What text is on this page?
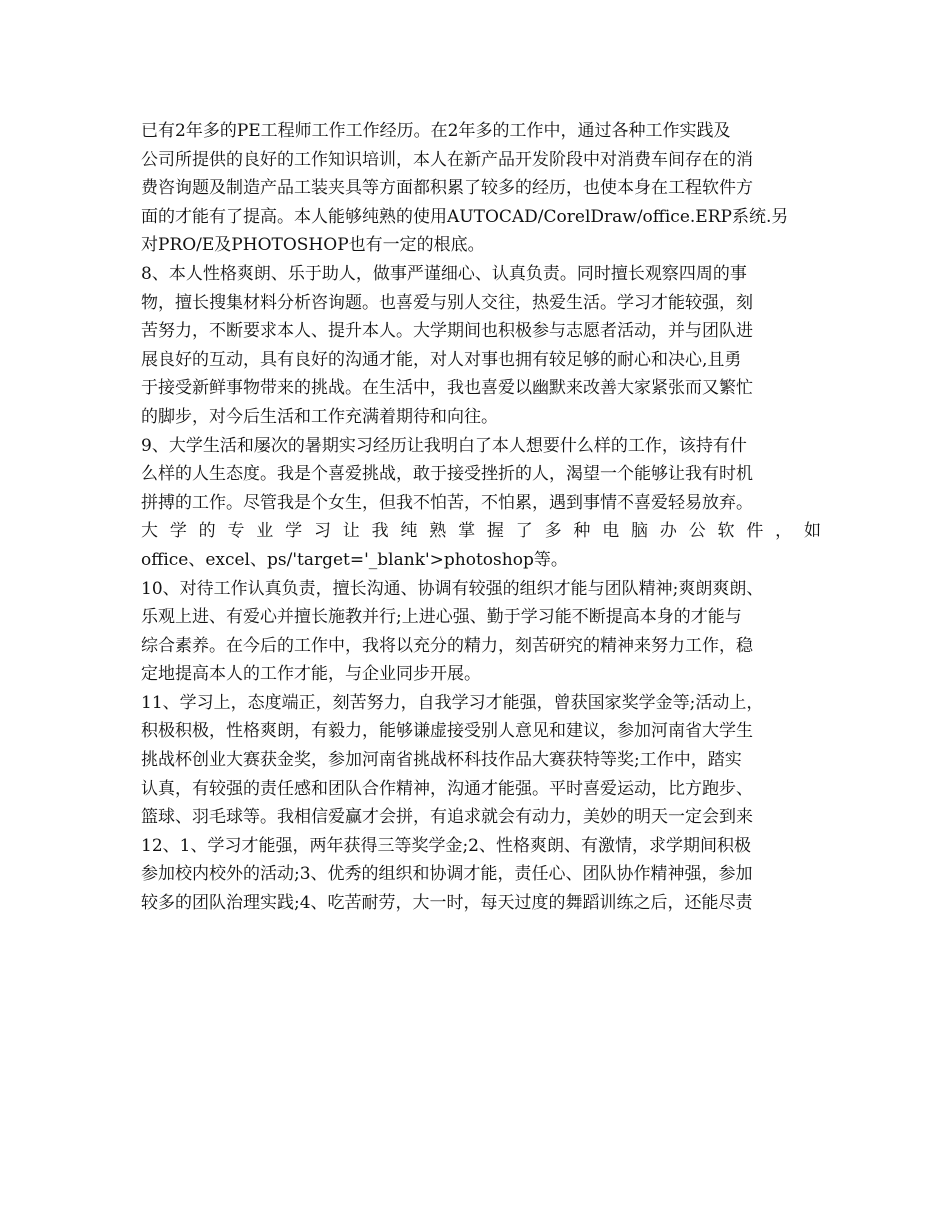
已有2年多的PE工程师工作工作经历。在2年多的工作中，通过各种工作实践及
公司所提供的良好的工作知识培训，本人在新产品开发阶段中对消费车间存在的消
费咨询题及制造产品工装夹具等方面都积累了较多的经历，也使本身在工程软件方
面的才能有了提高。本人能够纯熟的使用AUTOCAD/CorelDraw/office.ERP系统.另
对PRO/E及PHOTOSHOP也有一定的根底。
8、本人性格爽朗、乐于助人，做事严谨细心、认真负责。同时擅长观察四周的事
物，擅长搜集材料分析咨询题。也喜爱与别人交往，热爱生活。学习才能较强，刻
苦努力，不断要求本人、提升本人。大学期间也积极参与志愿者活动，并与团队进
展良好的互动，具有良好的沟通才能，对人对事也拥有较足够的耐心和决心,且勇
于接受新鲜事物带来的挑战。在生活中，我也喜爱以幽默来改善大家紧张而又繁忙
的脚步，对今后生活和工作充满着期待和向往。
9、大学生活和屡次的暑期实习经历让我明白了本人想要什么样的工作，该持有什
么样的人生态度。我是个喜爱挑战，敢于接受挫折的人，渴望一个能够让我有时机
拼搏的工作。尽管我是个女生，但我不怕苦，不怕累，遇到事情不喜爱轻易放弃。
大学的专业学习让我纯熟掌握了多种电脑办公软件，如
office、excel、ps/'target='_blank'>photoshop等。
10、对待工作认真负责，擅长沟通、协调有较强的组织才能与团队精神;爽朗爽朗、
乐观上进、有爱心并擅长施教并行;上进心强、勤于学习能不断提高本身的才能与
综合素养。在今后的工作中，我将以充分的精力，刻苦研究的精神来努力工作，稳
定地提高本人的工作才能，与企业同步开展。
11、学习上，态度端正，刻苦努力，自我学习才能强，曾获国家奖学金等;活动上，
积极积极，性格爽朗，有毅力，能够谦虚接受别人意见和建议，参加河南省大学生
挑战杯创业大赛获金奖，参加河南省挑战杯科技作品大赛获特等奖;工作中，踏实
认真，有较强的责任感和团队合作精神，沟通才能强。平时喜爱运动，比方跑步、
篮球、羽毛球等。我相信爱赢才会拼，有追求就会有动力，美妙的明天一定会到来
12、1、学习才能强，两年获得三等奖学金;2、性格爽朗、有激情，求学期间积极
参加校内校外的活动;3、优秀的组织和协调才能，责任心、团队协作精神强，参加
较多的团队治理实践;4、吃苦耐劳，大一时，每天过度的舞蹈训练之后，还能尽责
